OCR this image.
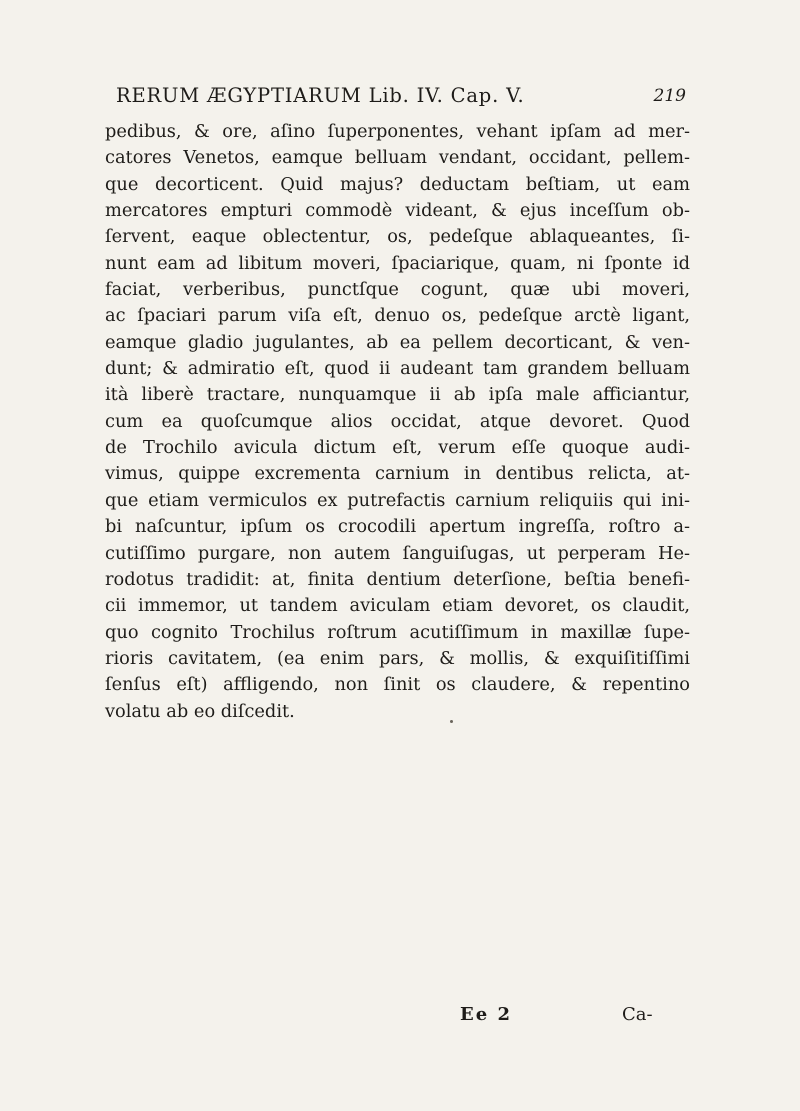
RERUM ÆGYPTIARUM Lib. IV. Cap. V.	219
pedibus, & ore, aſino ſuperponentes, vehant ipſam ad mer-
catores Venetos, eamque belluam vendant, occidant, pellem-
que decorticent. Quid majus? deductam beſtiam, ut eam
mercatores empturi commodè videant, & ejus inceſſum ob-
ſervent, eaque oblectentur, os, pedeſque ablaqueantes, ſi-
nunt eam ad libitum moveri, ſpaciarique, quam, ni ſponte id
faciat, verberibus, punctſque cogunt, quæ ubi moveri,
ac ſpaciari parum viſa eſt, denuo os, pedeſque arctè ligant,
eamque gladio jugulantes, ab ea pellem decorticant, & ven-
dunt; & admiratio eſt, quod ii audeant tam grandem belluam
ità liberè tractare, nunquamque ii ab ipſa male afficiantur,
cum ea quoſcumque alios occidat, atque devoret. Quod
de Trochilo avicula dictum eſt, verum eſſe quoque audi-
vimus, quippe excrementa carnium in dentibus relicta, at-
que etiam vermiculos ex putrefactis carnium reliquiis qui ini-
bi naſcuntur, ipſum os crocodili apertum ingreſſa, roſtro a-
cutiſſimo purgare, non autem ſanguiſugas, ut perperam He-
rodotus tradidit: at, finita dentium deterſione, beſtia benefi-
cii immemor, ut tandem aviculam etiam devoret, os claudit,
quo cognito Trochilus roſtrum acutiſſimum in maxillæ ſupe-
rioris cavitatem, (ea enim pars, & mollis, & exquiſitiſſimi
ſenſus eſt) affligendo, non ſinit os claudere, & repentino
volatu ab eo diſcedit.
Ee 2	Ca-
